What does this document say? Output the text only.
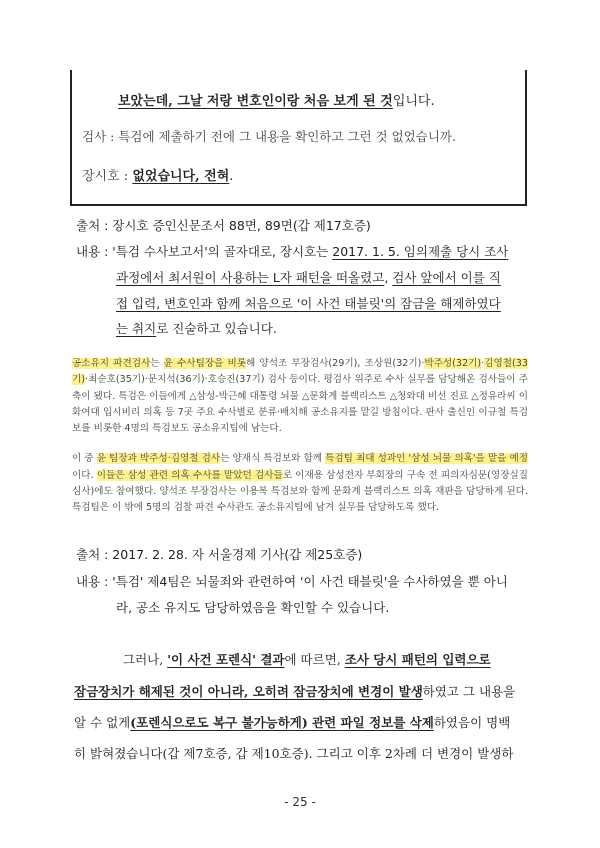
보았는데, 그날 저랑 변호인이랑 처음 보게 된 것입니다.
검사 : 특검에 제출하기 전에 그 내용을 확인하고 그런 것 없었습니까.
장시호 : 없었습니다, 전혀.
출처 : 장시호 증인신문조서 88면, 89면(갑 제17호증)
내용 : '특검 수사보고서'의 골자대로, 장시호는 2017. 1. 5. 임의제출 당시 조사
과정에서 최서원이 사용하는 L자 패턴을 떠올렸고, 검사 앞에서 이를 직
접 입력, 변호인과 함께 처음으로 '이 사건 태블릿'의 잠금을 해제하였다
는 취지로 진술하고 있습니다.

공소유지 파견검사는 윤 수사팀장을 비롯해 양석조 부장검사(29기), 조상원(32기)·박주성(32기)·김영철(33기)·최순호(35기)·문지석(36기)·호승진(37기) 검사 등이다. 평검사 위주로 수사 실무를 담당해온 검사들이 주축이 됐다. 특검은 이들에게 △삼성-박근혜 대통령 뇌물 △문화계 블랙리스트 △청와대 비선 진료 △정유라씨 이화여대 입시비리 의혹 등 7곳 주요 수사별로 분류·배치해 공소유지를 맡길 방침이다. 판사 출신인 이규철 특검보를 비롯한 4명의 특검보도 공소유지팀에 남는다.

이 중 윤 팀장과 박주성·김영철 검사는 양재식 특검보와 함께 특검팀 최대 성과인 '삼성 뇌물 의혹'을 맡을 예정이다. 이들은 삼성 관련 의혹 수사를 맡았던 검사들로 이재용 삼성전자 부회장의 구속 전 피의자심문(영장실질심사)에도 참여했다. 양석조 부장검사는 이용복 특검보와 함께 문화계 블랙리스트 의혹 재판을 담당하게 된다. 특검팀은 이 밖에 5명의 검찰 파견 수사관도 공소유지팀에 남겨 실무를 담당하도록 했다.

출처 : 2017. 2. 28. 자 서울경제 기사(갑 제25호증)
내용 : '특검' 제4팀은 뇌물죄와 관련하여 '이 사건 태블릿'을 수사하였을 뿐 아니
라, 공소 유지도 담당하였음을 확인할 수 있습니다.
그러나, '이 사건 포렌식' 결과에 따르면, 조사 당시 패턴의 입력으로
잠금장치가 해제된 것이 아니라, 오히려 잠금장치에 변경이 발생하였고 그 내용을
알 수 없게(포렌식으로도 복구 불가능하게) 관련 파일 정보를 삭제하였음이 명백
히 밝혀졌습니다(갑 제7호증, 갑 제10호증). 그리고 이후 2차례 더 변경이 발생하
- 25 -
